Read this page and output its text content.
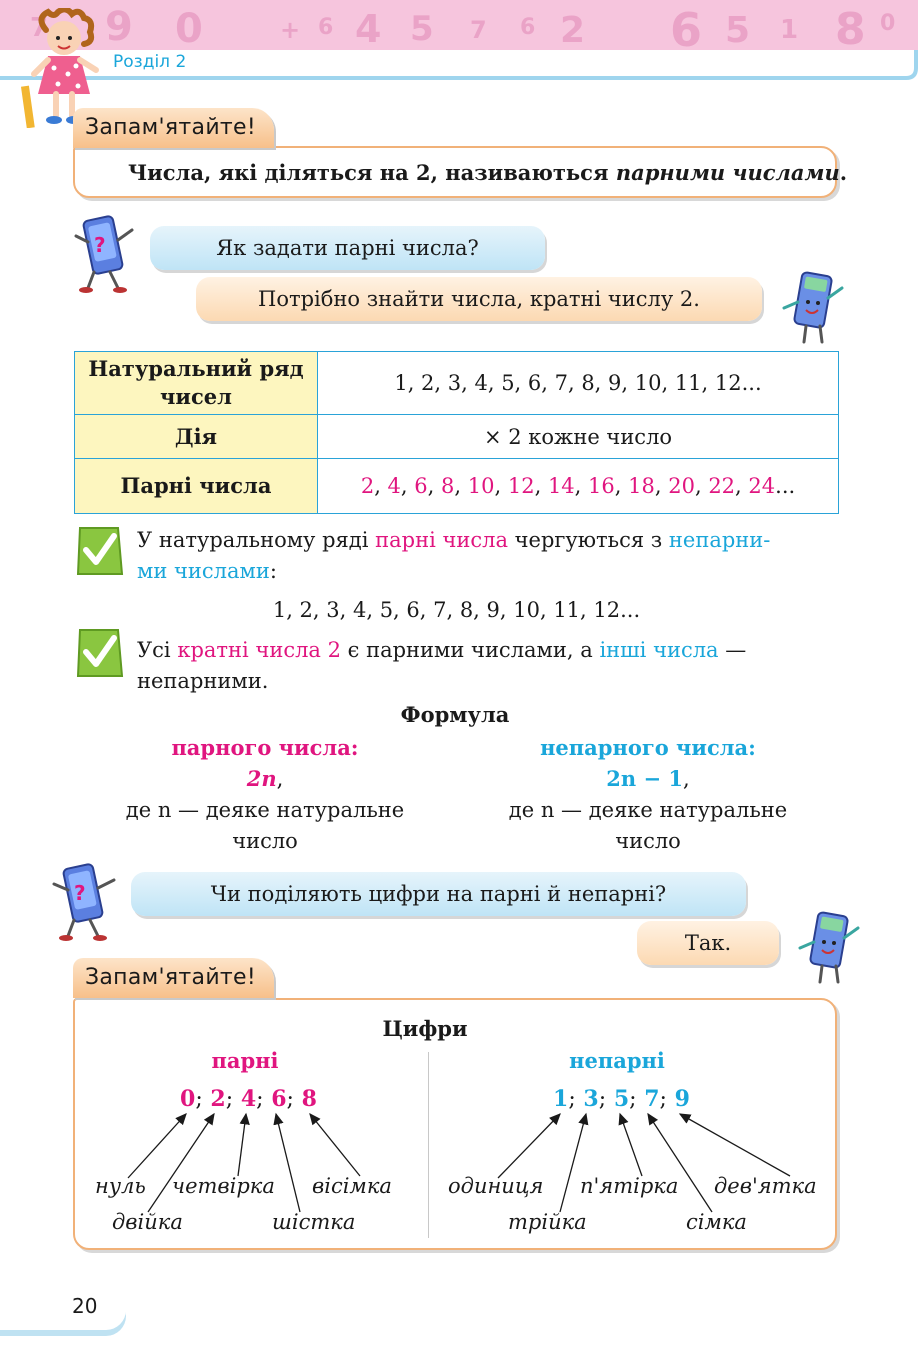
7 9 0	+ 6 4 5 7 6 2 6 5 1 8 0
Розділ 2
Запам'ятайте!
Числа, які діляться на 2, називаються парними числами.
?	Як задати парні числа?
Потрібно знайти числа, кратні числу 2.
Натуральний ряд чисел	1, 2, 3, 4, 5, 6, 7, 8, 9, 10, 11, 12...
Дія	× 2 кожне число
Парні числа	2, 4, 6, 8, 10, 12, 14, 16, 18, 20, 22, 24...
У натуральному ряді парні числа чергуються з непарни-
ми числами:
1, 2, 3, 4, 5, 6, 7, 8, 9, 10, 11, 12...
Усі кратні числа 2 є парними числами, а інші числа —
непарними.
Формула
парного числа:
2n,
де n — деяке натуральне
число
непарного числа:
2n − 1,
де n — деяке натуральне
число
?	Чи поділяють цифри на парні й непарні?
Так.
Запам'ятайте!
Цифри
парні
0; 2; 4; 6; 8
нуль
двійка
четвірка
шістка
вісімка
непарні
1; 3; 5; 7; 9
одиниця
трійка
п'ятірка
сімка
дев'ятка
20
